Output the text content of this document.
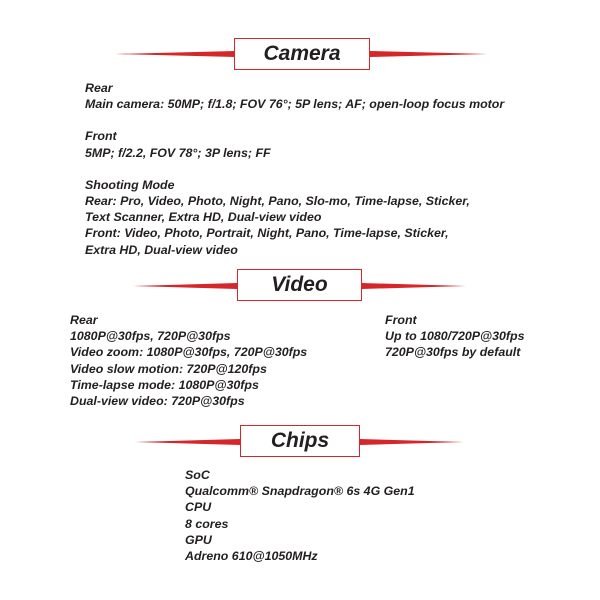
Camera
Rear
Main camera: 50MP; f/1.8; FOV 76°; 5P lens; AF; open-loop focus motor
Front
5MP; f/2.2, FOV 78°; 3P lens; FF
Shooting Mode
Rear: Pro, Video, Photo, Night, Pano, Slo-mo, Time-lapse, Sticker,
Text Scanner, Extra HD, Dual-view video
Front: Video, Photo, Portrait, Night, Pano, Time-lapse, Sticker,
Extra HD, Dual-view video
Video
Rear
1080P@30fps, 720P@30fps
Video zoom: 1080P@30fps, 720P@30fps
Video slow motion: 720P@120fps
Time-lapse mode: 1080P@30fps
Dual-view video: 720P@30fps
Front
Up to 1080/720P@30fps
720P@30fps by default
Chips
SoC
Qualcomm® Snapdragon® 6s 4G Gen1
CPU
8 cores
GPU
Adreno 610@1050MHz
